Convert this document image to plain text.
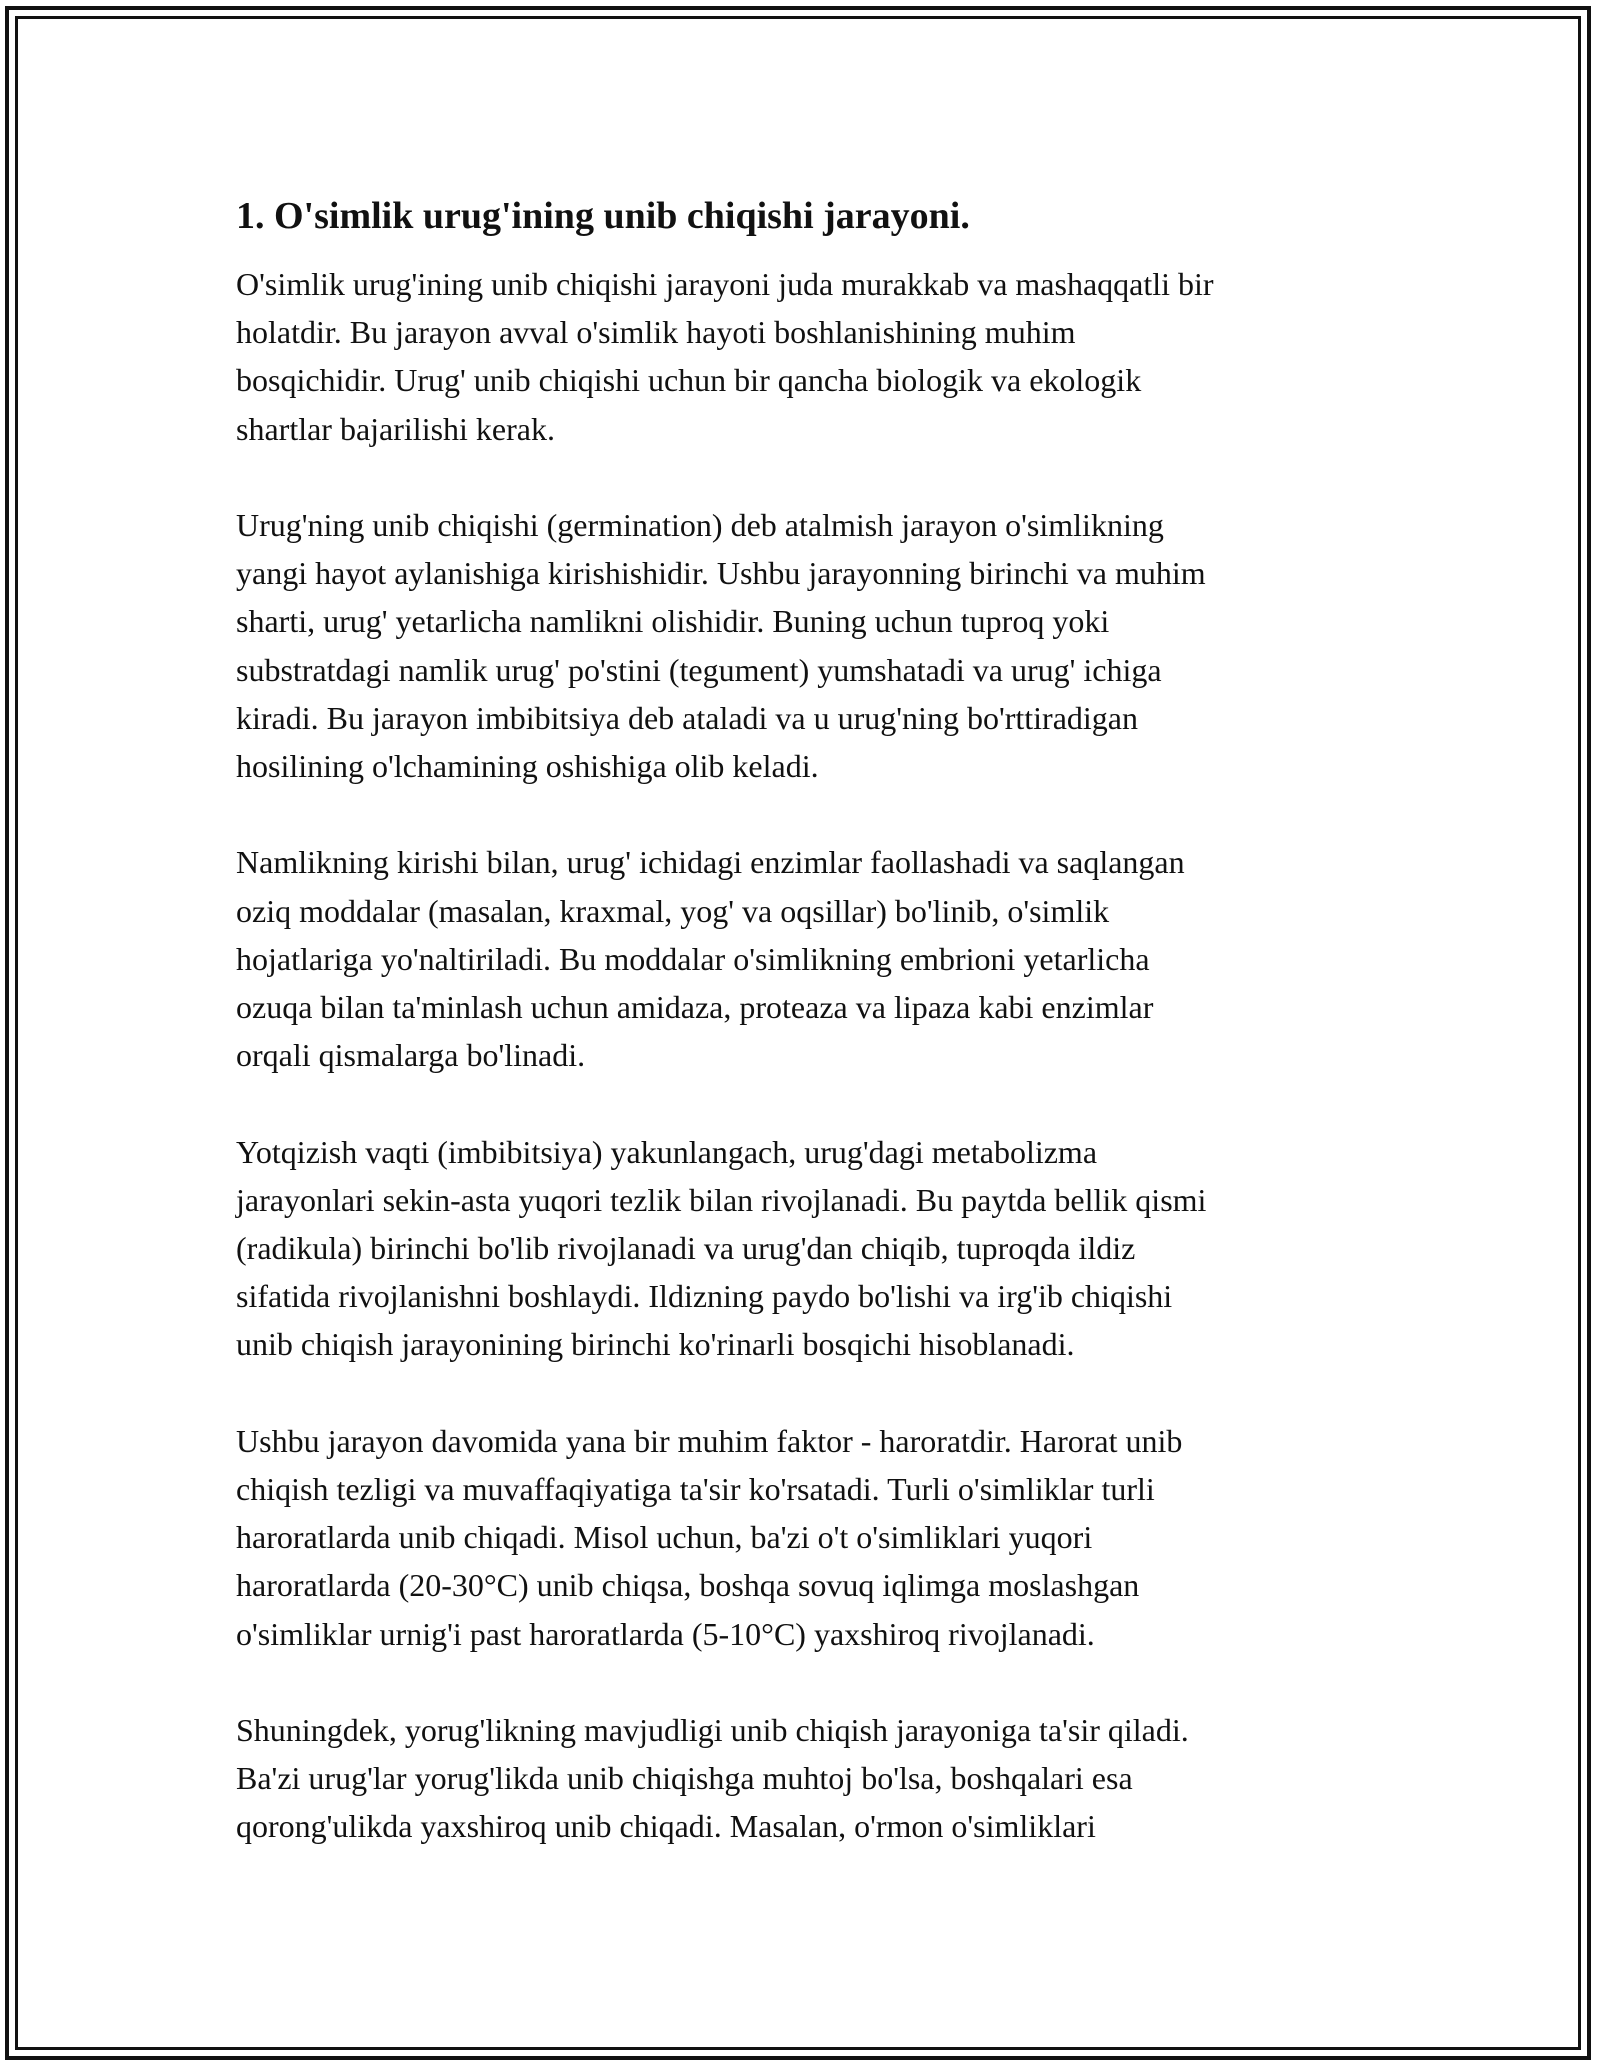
1. O'simlik urug'ining unib chiqishi jarayoni.
O'simlik urug'ining unib chiqishi jarayoni juda murakkab va mashaqqatli bir
holatdir. Bu jarayon avval o'simlik hayoti boshlanishining muhim
bosqichidir. Urug' unib chiqishi uchun bir qancha biologik va ekologik
shartlar bajarilishi kerak.
Urug'ning unib chiqishi (germination) deb atalmish jarayon o'simlikning
yangi hayot aylanishiga kirishishidir. Ushbu jarayonning birinchi va muhim
sharti, urug' yetarlicha namlikni olishidir. Buning uchun tuproq yoki
substratdagi namlik urug' po'stini (tegument) yumshatadi va urug' ichiga
kiradi. Bu jarayon imbibitsiya deb ataladi va u urug'ning bo'rttiradigan
hosilining o'lchamining oshishiga olib keladi.
Namlikning kirishi bilan, urug' ichidagi enzimlar faollashadi va saqlangan
oziq moddalar (masalan, kraxmal, yog' va oqsillar) bo'linib, o'simlik
hojatlariga yo'naltiriladi. Bu moddalar o'simlikning embrioni yetarlicha
ozuqa bilan ta'minlash uchun amidaza, proteaza va lipaza kabi enzimlar
orqali qismalarga bo'linadi.
Yotqizish vaqti (imbibitsiya) yakunlangach, urug'dagi metabolizma
jarayonlari sekin-asta yuqori tezlik bilan rivojlanadi. Bu paytda bellik qismi
(radikula) birinchi bo'lib rivojlanadi va urug'dan chiqib, tuproqda ildiz
sifatida rivojlanishni boshlaydi. Ildizning paydo bo'lishi va irg'ib chiqishi
unib chiqish jarayonining birinchi ko'rinarli bosqichi hisoblanadi.
Ushbu jarayon davomida yana bir muhim faktor - haroratdir. Harorat unib
chiqish tezligi va muvaffaqiyatiga ta'sir ko'rsatadi. Turli o'simliklar turli
haroratlarda unib chiqadi. Misol uchun, ba'zi o't o'simliklari yuqori
haroratlarda (20-30°C) unib chiqsa, boshqa sovuq iqlimga moslashgan
o'simliklar urnig'i past haroratlarda (5-10°C) yaxshiroq rivojlanadi.
Shuningdek, yorug'likning mavjudligi unib chiqish jarayoniga ta'sir qiladi.
Ba'zi urug'lar yorug'likda unib chiqishga muhtoj bo'lsa, boshqalari esa
qorong'ulikda yaxshiroq unib chiqadi. Masalan, o'rmon o'simliklari
